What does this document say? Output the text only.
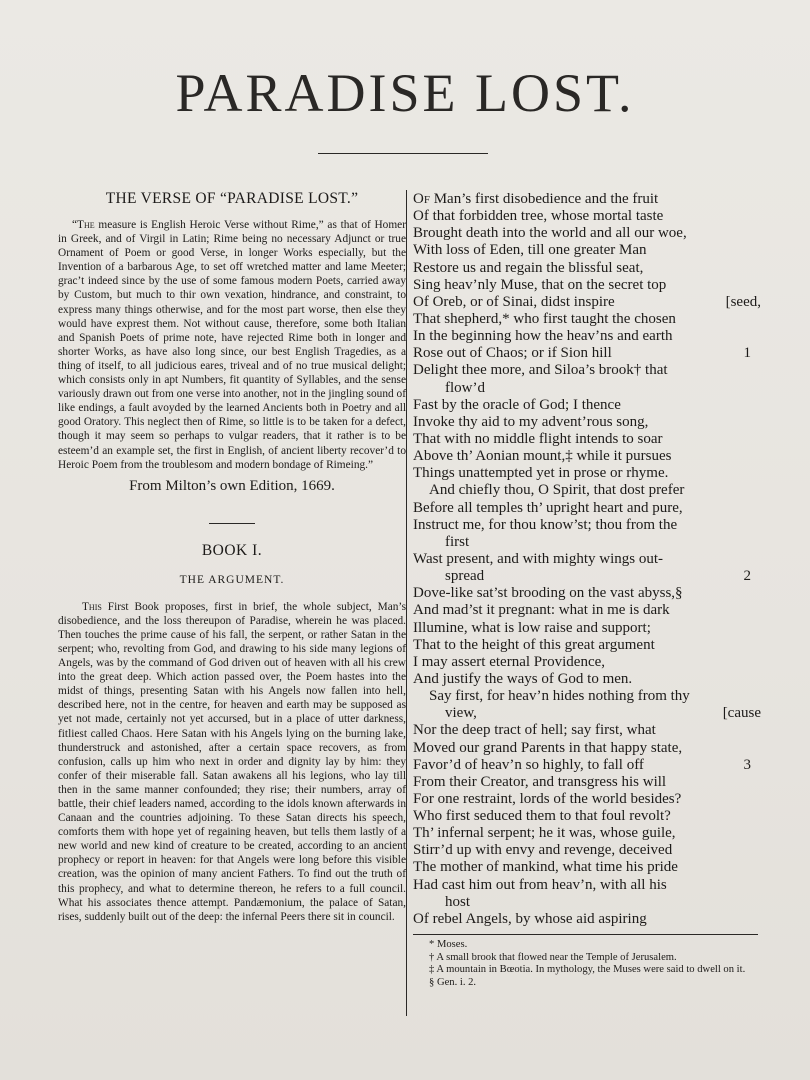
PARADISE LOST.
THE VERSE OF “PARADISE LOST.”
“The measure is English Heroic Verse without Rime,” as that of Homer in Greek, and of Virgil in Latin; Rime being no necessary Adjunct or true Ornament of Poem or good Verse, in longer Works especially, but the Invention of a barbarous Age, to set off wretched matter and lame Meeter; grac’t indeed since by the use of some famous modern Poets, carried away by Custom, but much to thir own vexation, hindrance, and constraint, to express many things otherwise, and for the most part worse, then else they would have exprest them. Not without cause, therefore, some both Italian and Spanish Poets of prime note, have rejected Rime both in longer and shorter Works, as have also long since, our best English Tragedies, as a thing of itself, to all judicious eares, triveal and of no true musical delight; which consists only in apt Numbers, fit quantity of Syllables, and the sense variously drawn out from one verse into another, not in the jingling sound of like endings, a fault avoyded by the learned Ancients both in Poetry and all good Oratory. This neglect then of Rime, so little is to be taken for a defect, though it may seem so perhaps to vulgar readers, that it rather is to be esteem’d an example set, the first in English, of ancient liberty recover’d to Heroic Poem from the troublesom and modern bondage of Rimeing.”
From Milton’s own Edition, 1669.
BOOK I.
THE ARGUMENT.
This First Book proposes, first in brief, the whole subject, Man’s disobedience, and the loss thereupon of Paradise, wherein he was placed. Then touches the prime cause of his fall, the serpent, or rather Satan in the serpent; who, revolting from God, and drawing to his side many legions of Angels, was by the command of God driven out of heaven with all his crew into the great deep. Which action passed over, the Poem hastes into the midst of things, presenting Satan with his Angels now fallen into hell, described here, not in the centre, for heaven and earth may be supposed as yet not made, certainly not yet accursed, but in a place of utter darkness, fitliest called Chaos. Here Satan with his Angels lying on the burning lake, thunderstruck and astonished, after a certain space recovers, as from confusion, calls up him who next in order and dignity lay by him: they confer of their miserable fall. Satan awakens all his legions, who lay till then in the same manner confounded; they rise; their numbers, array of battle, their chief leaders named, according to the idols known afterwards in Canaan and the countries adjoining. To these Satan directs his speech, comforts them with hope yet of regaining heaven, but tells them lastly of a new world and new kind of creature to be created, according to an ancient prophecy or report in heaven: for that Angels were long before this visible creation, was the opinion of many ancient Fathers. To find out the truth of this prophecy, and what to determine thereon, he refers to a full council. What his associates thence attempt. Pandæmonium, the palace of Satan, rises, suddenly built out of the deep: the infernal Peers there sit in council.
Of Man’s first disobedience and the fruit
Of that forbidden tree, whose mortal taste
Brought death into the world and all our woe,
With loss of Eden, till one greater Man
Restore us and regain the blissful seat,
Sing heav’nly Muse, that on the secret top
Of Oreb, or of Sinai, didst inspire	[seed,
That shepherd,* who first taught the chosen
In the beginning how the heav’ns and earth
Rose out of Chaos; or if Sion hill	1
Delight thee more, and Siloa’s brook† that
flow’d
Fast by the oracle of God; I thence
Invoke thy aid to my advent’rous song,
That with no middle flight intends to soar
Above th’ Aonian mount,‡ while it pursues
Things unattempted yet in prose or rhyme.
And chiefly thou, O Spirit, that dost prefer
Before all temples th’ upright heart and pure,
Instruct me, for thou know’st; thou from the
first
Wast present, and with mighty wings out-
spread	2
Dove-like sat’st brooding on the vast abyss,§
And mad’st it pregnant: what in me is dark
Illumine, what is low raise and support;
That to the height of this great argument
I may assert eternal Providence,
And justify the ways of God to men.
Say first, for heav’n hides nothing from thy
view,	[cause
Nor the deep tract of hell; say first, what
Moved our grand Parents in that happy state,
Favor’d of heav’n so highly, to fall off	3
From their Creator, and transgress his will
For one restraint, lords of the world besides?
Who first seduced them to that foul revolt?
Th’ infernal serpent; he it was, whose guile,
Stirr’d up with envy and revenge, deceived
The mother of mankind, what time his pride
Had cast him out from heav’n, with all his
host
Of rebel Angels, by whose aid aspiring
* Moses.
† A small brook that flowed near the Temple of Jerusalem.
‡ A mountain in Bœotia. In mythology, the Muses were said to dwell on it.
§ Gen. i. 2.
